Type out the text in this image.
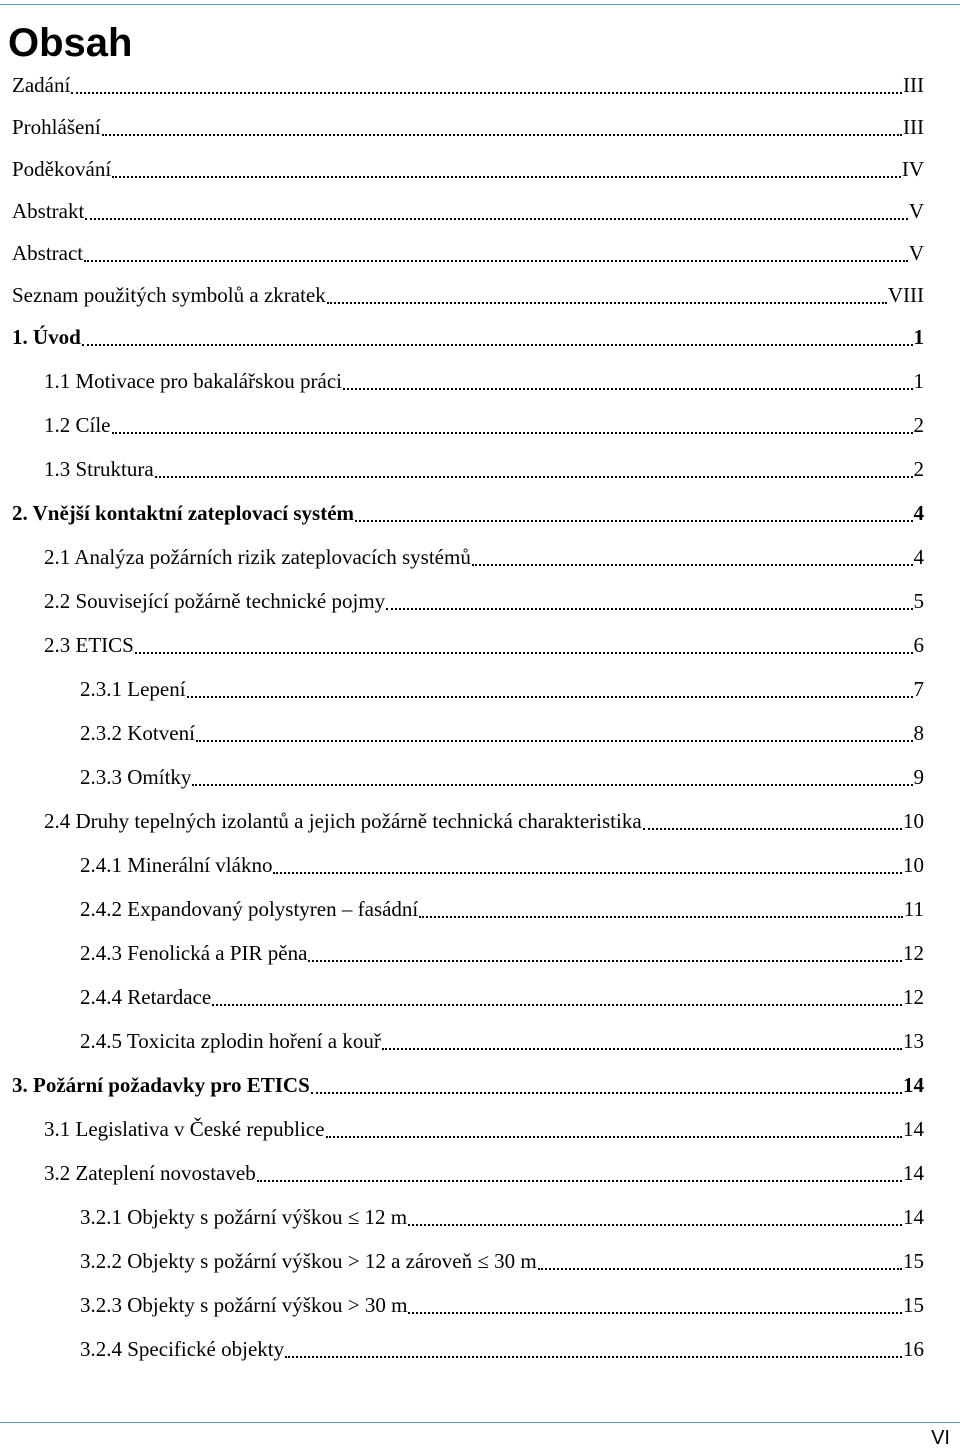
Obsah
Zadání	III
Prohlášení	III
Poděkování	IV
Abstrakt	V
Abstract	V
Seznam použitých symbolů a zkratek	VIII
1. Úvod	1
1.1 Motivace pro bakalářskou práci	1
1.2 Cíle	2
1.3 Struktura	2
2. Vnější kontaktní zateplovací systém	4
2.1 Analýza požárních rizik zateplovacích systémů	4
2.2 Související požárně technické pojmy	5
2.3 ETICS	6
2.3.1 Lepení	7
2.3.2 Kotvení	8
2.3.3 Omítky	9
2.4 Druhy tepelných izolantů a jejich požárně technická charakteristika	10
2.4.1 Minerální vlákno	10
2.4.2 Expandovaný polystyren – fasádní	11
2.4.3 Fenolická a PIR pěna	12
2.4.4 Retardace	12
2.4.5 Toxicita zplodin hoření a kouř	13
3. Požární požadavky pro ETICS	14
3.1 Legislativa v České republice	14
3.2 Zateplení novostaveb	14
3.2.1 Objekty s požární výškou ≤ 12 m	14
3.2.2 Objekty s požární výškou > 12 a zároveň ≤ 30 m	15
3.2.3 Objekty s požární výškou > 30 m	15
3.2.4 Specifické objekty	16
VI
